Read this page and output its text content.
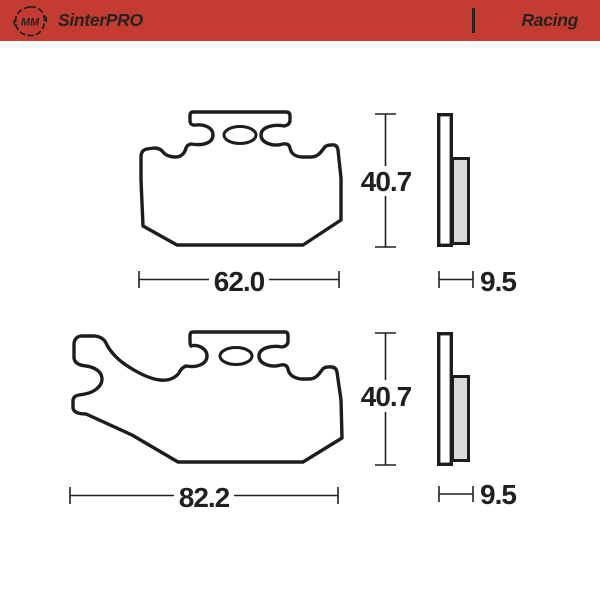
MM SinterPRO	Racing
40.7
62.0	9.5
40.7
82.2	9.5
